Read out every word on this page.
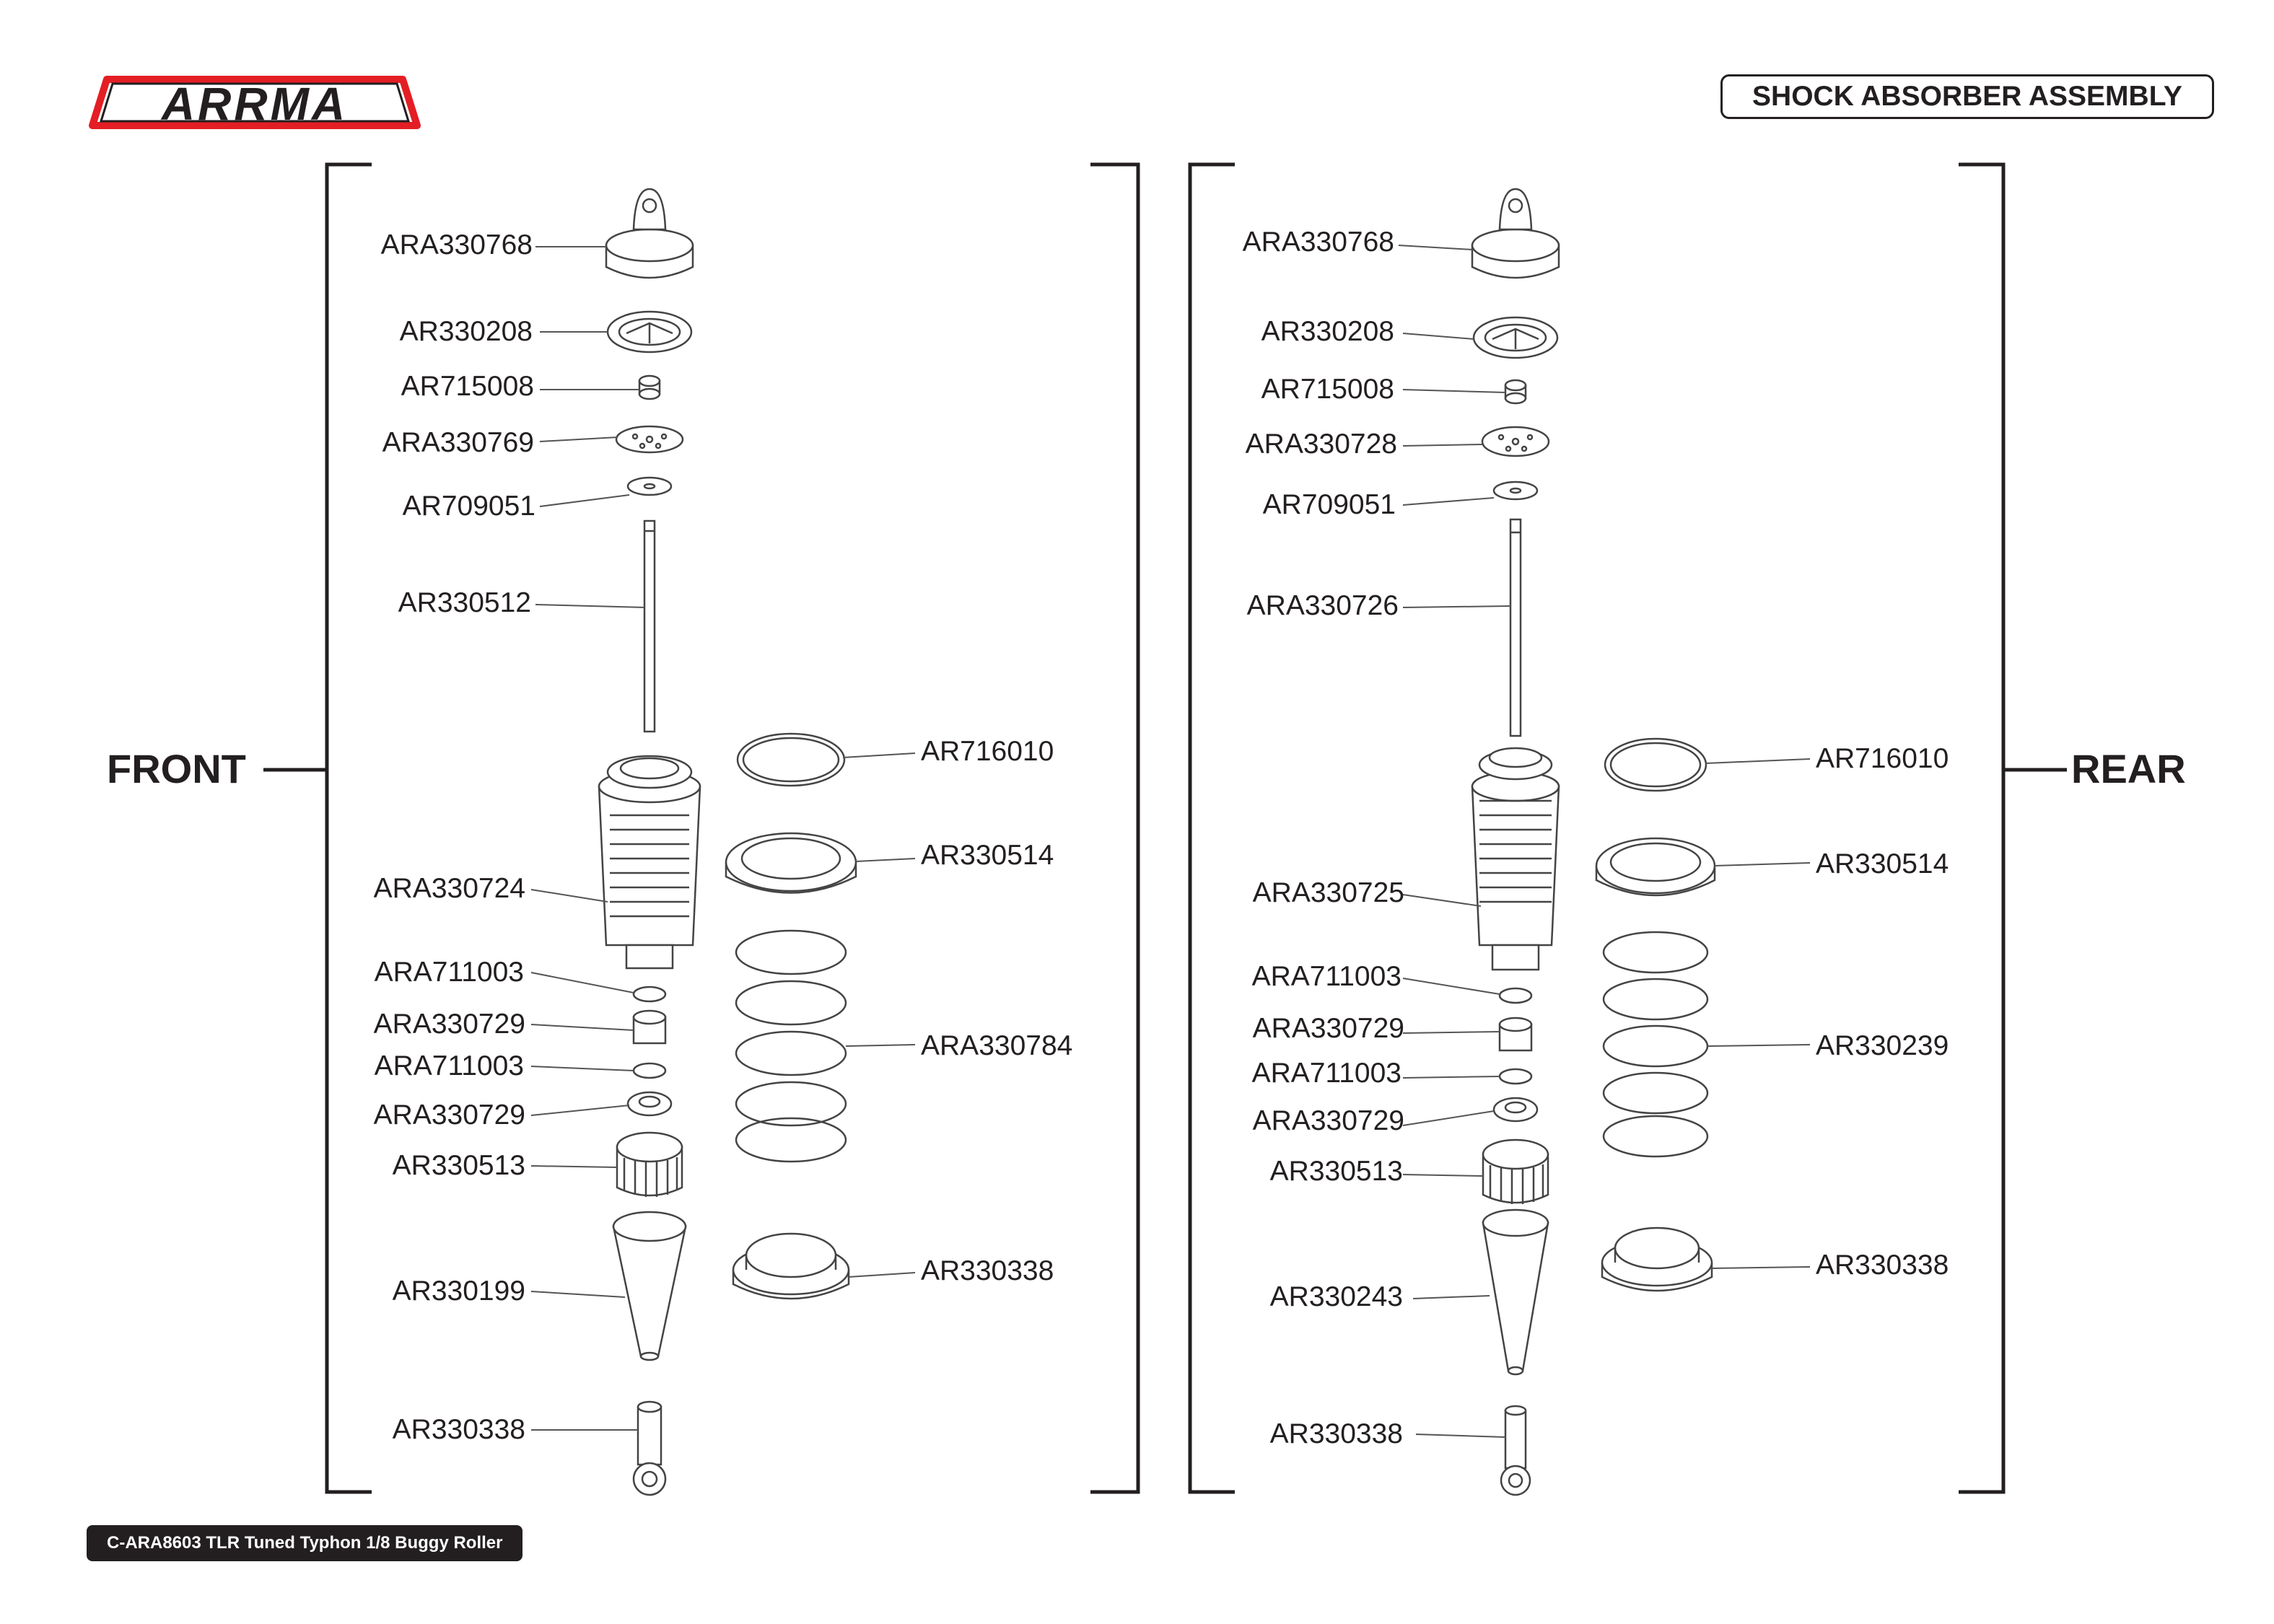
ARRMA	SHOCK ABSORBER ASSEMBLY
FRONT	REAR
ARA330768
AR330208
AR715008
ARA330769
AR709051
AR330512
ARA330724
ARA711003
ARA330729
ARA711003
ARA330729
AR330513
AR330199
AR330338
AR716010
AR330514
ARA330784
AR330338
ARA330768
AR330208
AR715008
ARA330728
AR709051
ARA330726
ARA330725
ARA711003
ARA330729
ARA711003
ARA330729
AR330513
AR330243
AR330338
AR716010
AR330514
AR330239
AR330338
C-ARA8603 TLR Tuned Typhon 1/8 Buggy Roller
